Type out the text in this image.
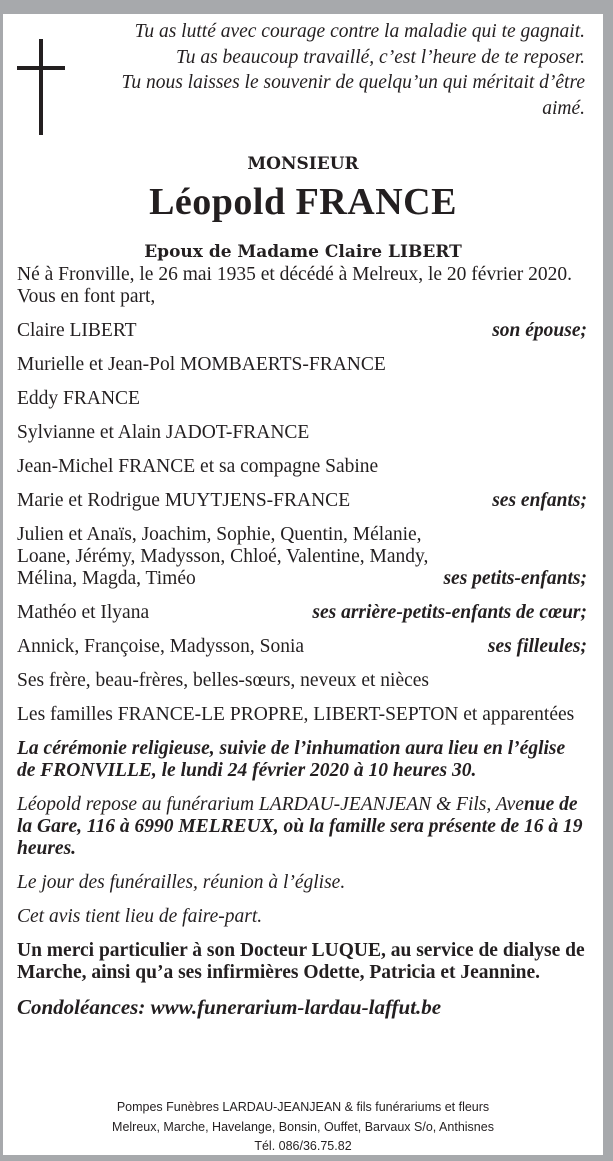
Tu as lutté avec courage contre la maladie qui te gagnait.
Tu as beaucoup travaillé, c’est l’heure de te reposer.
Tu nous laisses le souvenir de quelqu’un qui méritait d’être aimé.
MONSIEUR
Léopold FRANCE
Epoux de Madame Claire LIBERT

Né à Fronville, le 26 mai 1935 et décédé à Melreux, le 20 février 2020.

Vous en font part,

Claire LIBERT	son épouse;
Murielle et Jean-Pol MOMBAERTS-FRANCE
Eddy FRANCE
Sylvianne et Alain JADOT-FRANCE
Jean-Michel FRANCE et sa compagne Sabine
Marie et Rodrigue MUYTJENS-FRANCE	ses enfants;
Julien et Anaïs, Joachim, Sophie, Quentin, Mélanie, Loane, Jérémy, Madysson, Chloé, Valentine, Mandy, Mélina, Magda, Timéo	ses petits-enfants;
Mathéo et Ilyana	ses arrière-petits-enfants de cœur;
Annick, Françoise, Madysson, Sonia	ses filleules;
Ses frère, beau-frères, belles-sœurs, neveux et nièces
Les familles FRANCE-LE PROPRE, LIBERT-SEPTON et apparentées

La cérémonie religieuse, suivie de l’inhumation aura lieu en l’église de FRONVILLE, le lundi 24 février 2020 à 10 heures 30.

Léopold repose au funérarium LARDAU-JEANJEAN & Fils, Avenue de la Gare, 116 à 6990 MELREUX, où la famille sera présente de 16 à 19 heures.

Le jour des funérailles, réunion à l’église.

Cet avis tient lieu de faire-part.

Un merci particulier à son Docteur LUQUE, au service de dialyse de Marche, ainsi qu’a ses infirmières Odette, Patricia et Jeannine.

Condoléances: www.funerarium-lardau-laffut.be

Pompes Funèbres LARDAU-JEANJEAN & fils funérariums et fleurs
Melreux, Marche, Havelange, Bonsin, Ouffet, Barvaux S/o, Anthisnes
Tél. 086/36.75.82
